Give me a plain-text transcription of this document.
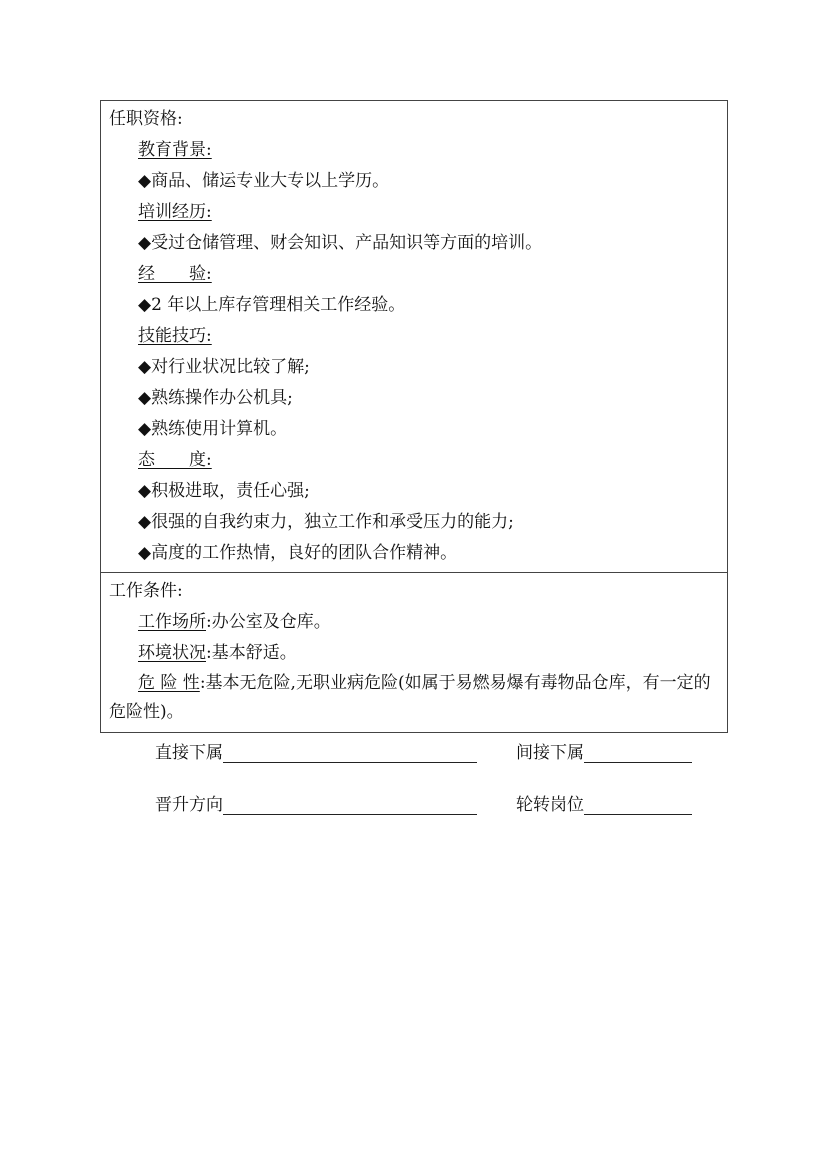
任职资格:
教育背景:
◆商品、储运专业大专以上学历。
培训经历:
◆受过仓储管理、财会知识、产品知识等方面的培训。
经　　验:
◆2 年以上库存管理相关工作经验。
技能技巧:
◆对行业状况比较了解;
◆熟练操作办公机具;
◆熟练使用计算机。
态　　度:
◆积极进取，责任心强;
◆很强的自我约束力，独立工作和承受压力的能力;
◆高度的工作热情，良好的团队合作精神。
工作条件:
工作场所:办公室及仓库。
环境状况:基本舒适。
危 险 性:基本无危险,无职业病危险(如属于易燃易爆有毒物品仓库，有一定的危险性)。
直接下属	间接下属
晋升方向	轮转岗位
